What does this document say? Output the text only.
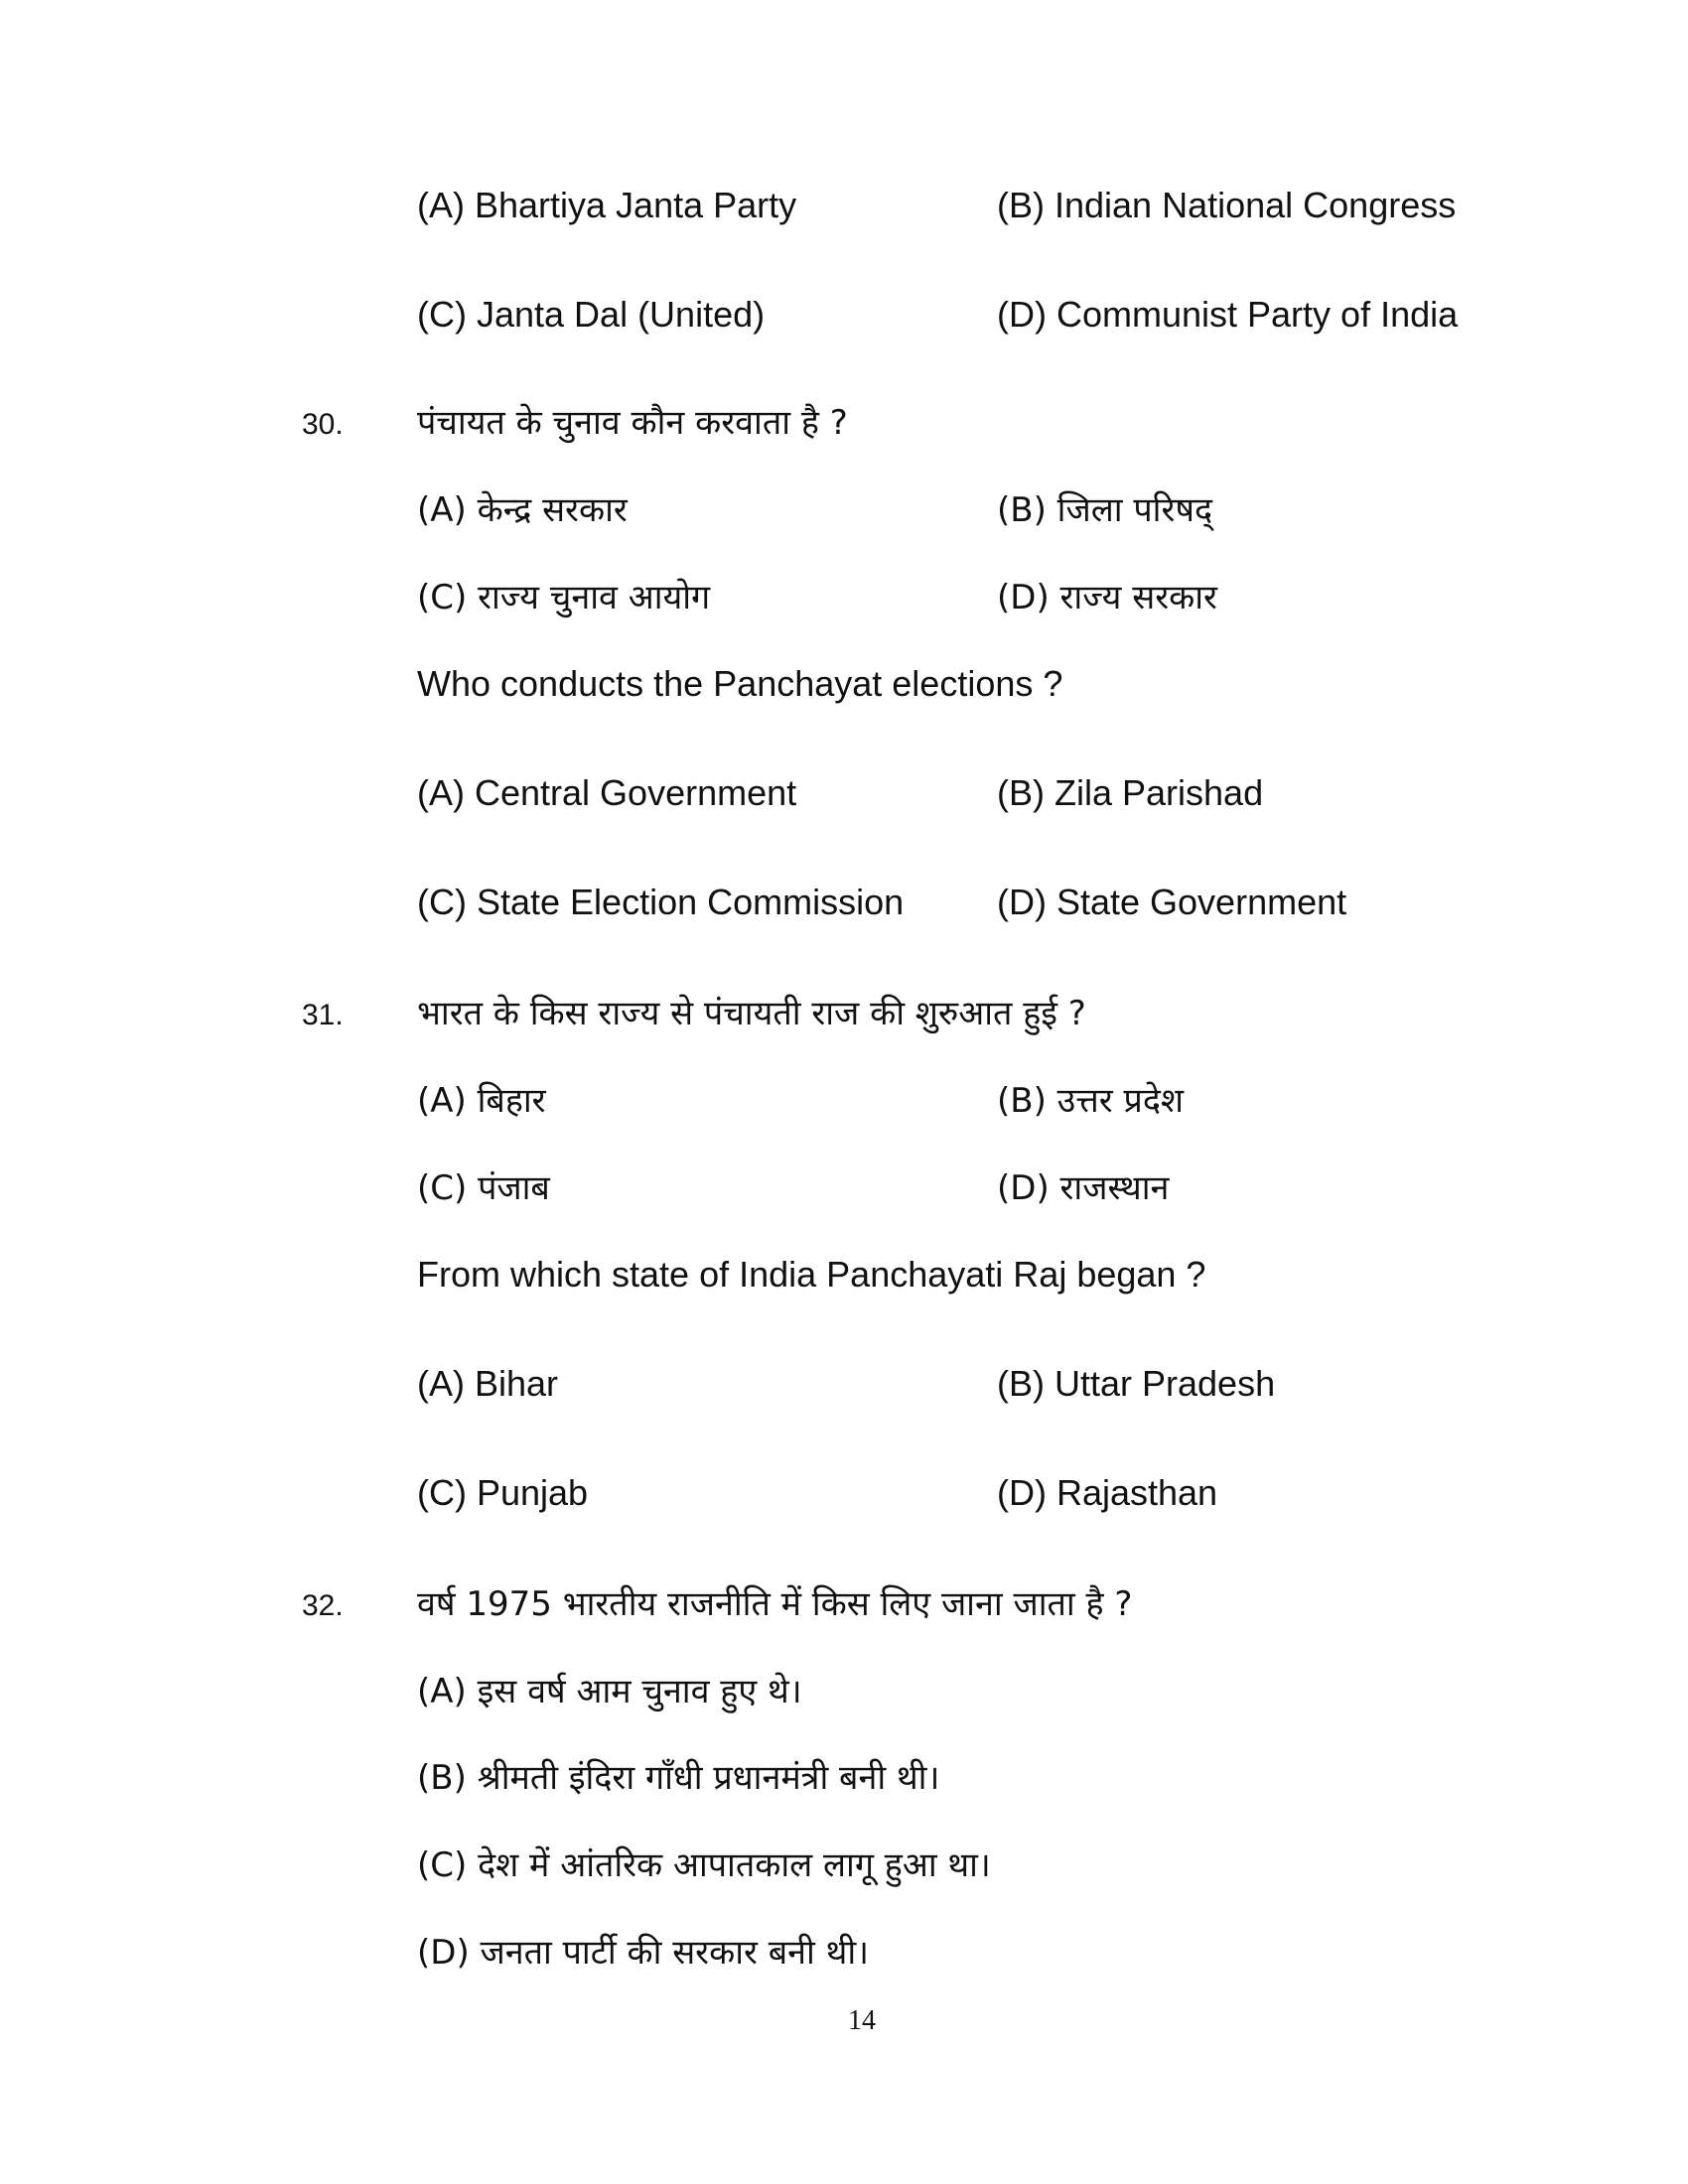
(A) Bhartiya Janta Party	(B) Indian National Congress
(C) Janta Dal (United)	(D) Communist Party of India
30. पंचायत के चुनाव कौन करवाता है ?
(A) केन्द्र सरकार	(B) जिला परिषद्
(C) राज्य चुनाव आयोग	(D) राज्य सरकार
Who conducts the Panchayat elections ?
(A) Central Government	(B) Zila Parishad
(C) State Election Commission	(D) State Government
31. भारत के किस राज्य से पंचायती राज की शुरुआत हुई ?
(A) बिहार	(B) उत्तर प्रदेश
(C) पंजाब	(D) राजस्थान
From which state of India Panchayati Raj began ?
(A) Bihar	(B) Uttar Pradesh
(C) Punjab	(D) Rajasthan
32. वर्ष 1975 भारतीय राजनीति में किस लिए जाना जाता है ?
(A) इस वर्ष आम चुनाव हुए थे।
(B) श्रीमती इंदिरा गाँधी प्रधानमंत्री बनी थी।
(C) देश में आंतरिक आपातकाल लागू हुआ था।
(D) जनता पार्टी की सरकार बनी थी।
14
